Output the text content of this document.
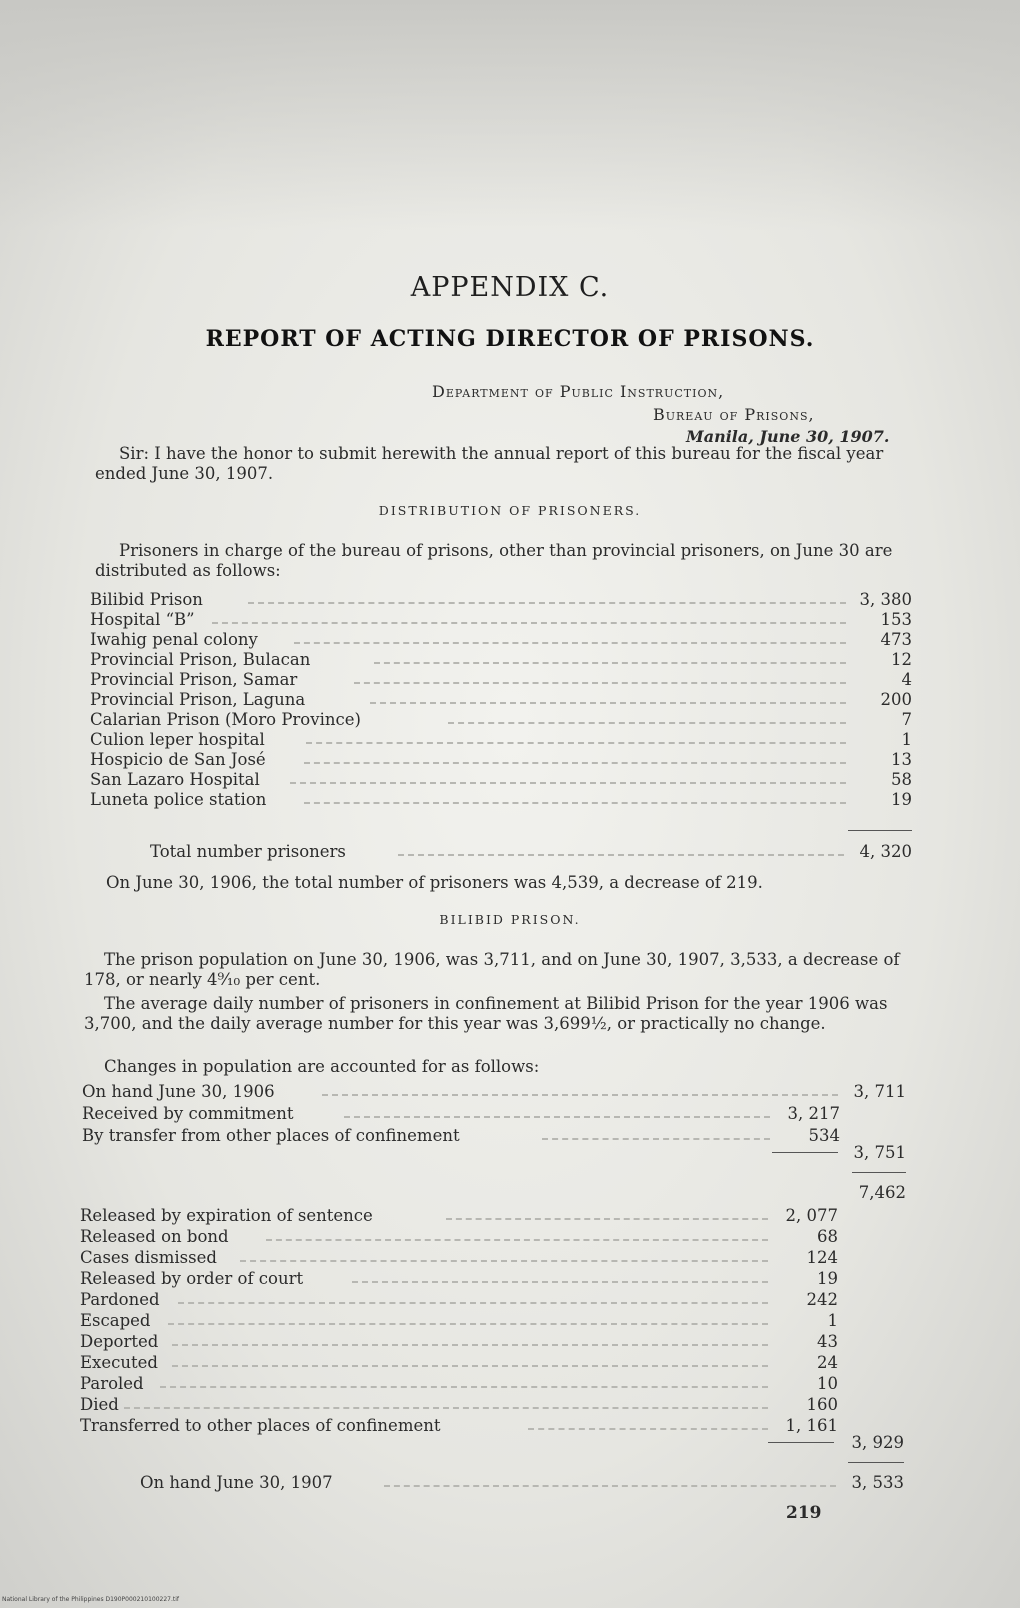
APPENDIX C.
REPORT OF ACTING DIRECTOR OF PRISONS.
Department of Public Instruction,
Bureau of Prisons,
Manila, June 30, 1907.
Sir: I have the honor to submit herewith the annual report of this bureau for the fiscal year ended June 30, 1907.
DISTRIBUTION OF PRISONERS.
Prisoners in charge of the bureau of prisons, other than provincial prisoners, on June 30 are distributed as follows:
Bilibid Prison	3, 380
Hospital “B”	153
Iwahig penal colony	473
Provincial Prison, Bulacan	12
Provincial Prison, Samar	4
Provincial Prison, Laguna	200
Calarian Prison (Moro Province)	7
Culion leper hospital	1
Hospicio de San José	13
San Lazaro Hospital	58
Luneta police station	19
Total number prisoners	4, 320
On June 30, 1906, the total number of prisoners was 4,539, a decrease of 219.
BILIBID PRISON.
The prison population on June 30, 1906, was 3,711, and on June 30, 1907, 3,533, a decrease of 178, or nearly 4⁹⁄₁₀ per cent.
The average daily number of prisoners in confinement at Bilibid Prison for the year 1906 was 3,700, and the daily average number for this year was 3,699½, or practically no change.
Changes in population are accounted for as follows:
On hand June 30, 1906	3, 711
Received by commitment	3, 217
By transfer from other places of confinement	534
3, 751
7,462
Released by expiration of sentence	2, 077
Released on bond	68
Cases dismissed	124
Released by order of court	19
Pardoned	242
Escaped	1
Deported	43
Executed	24
Paroled	10
Died	160
Transferred to other places of confinement	1, 161
3, 929
On hand June 30, 1907	3, 533
219
National Library of the Philippines D190P000210100227.tif
